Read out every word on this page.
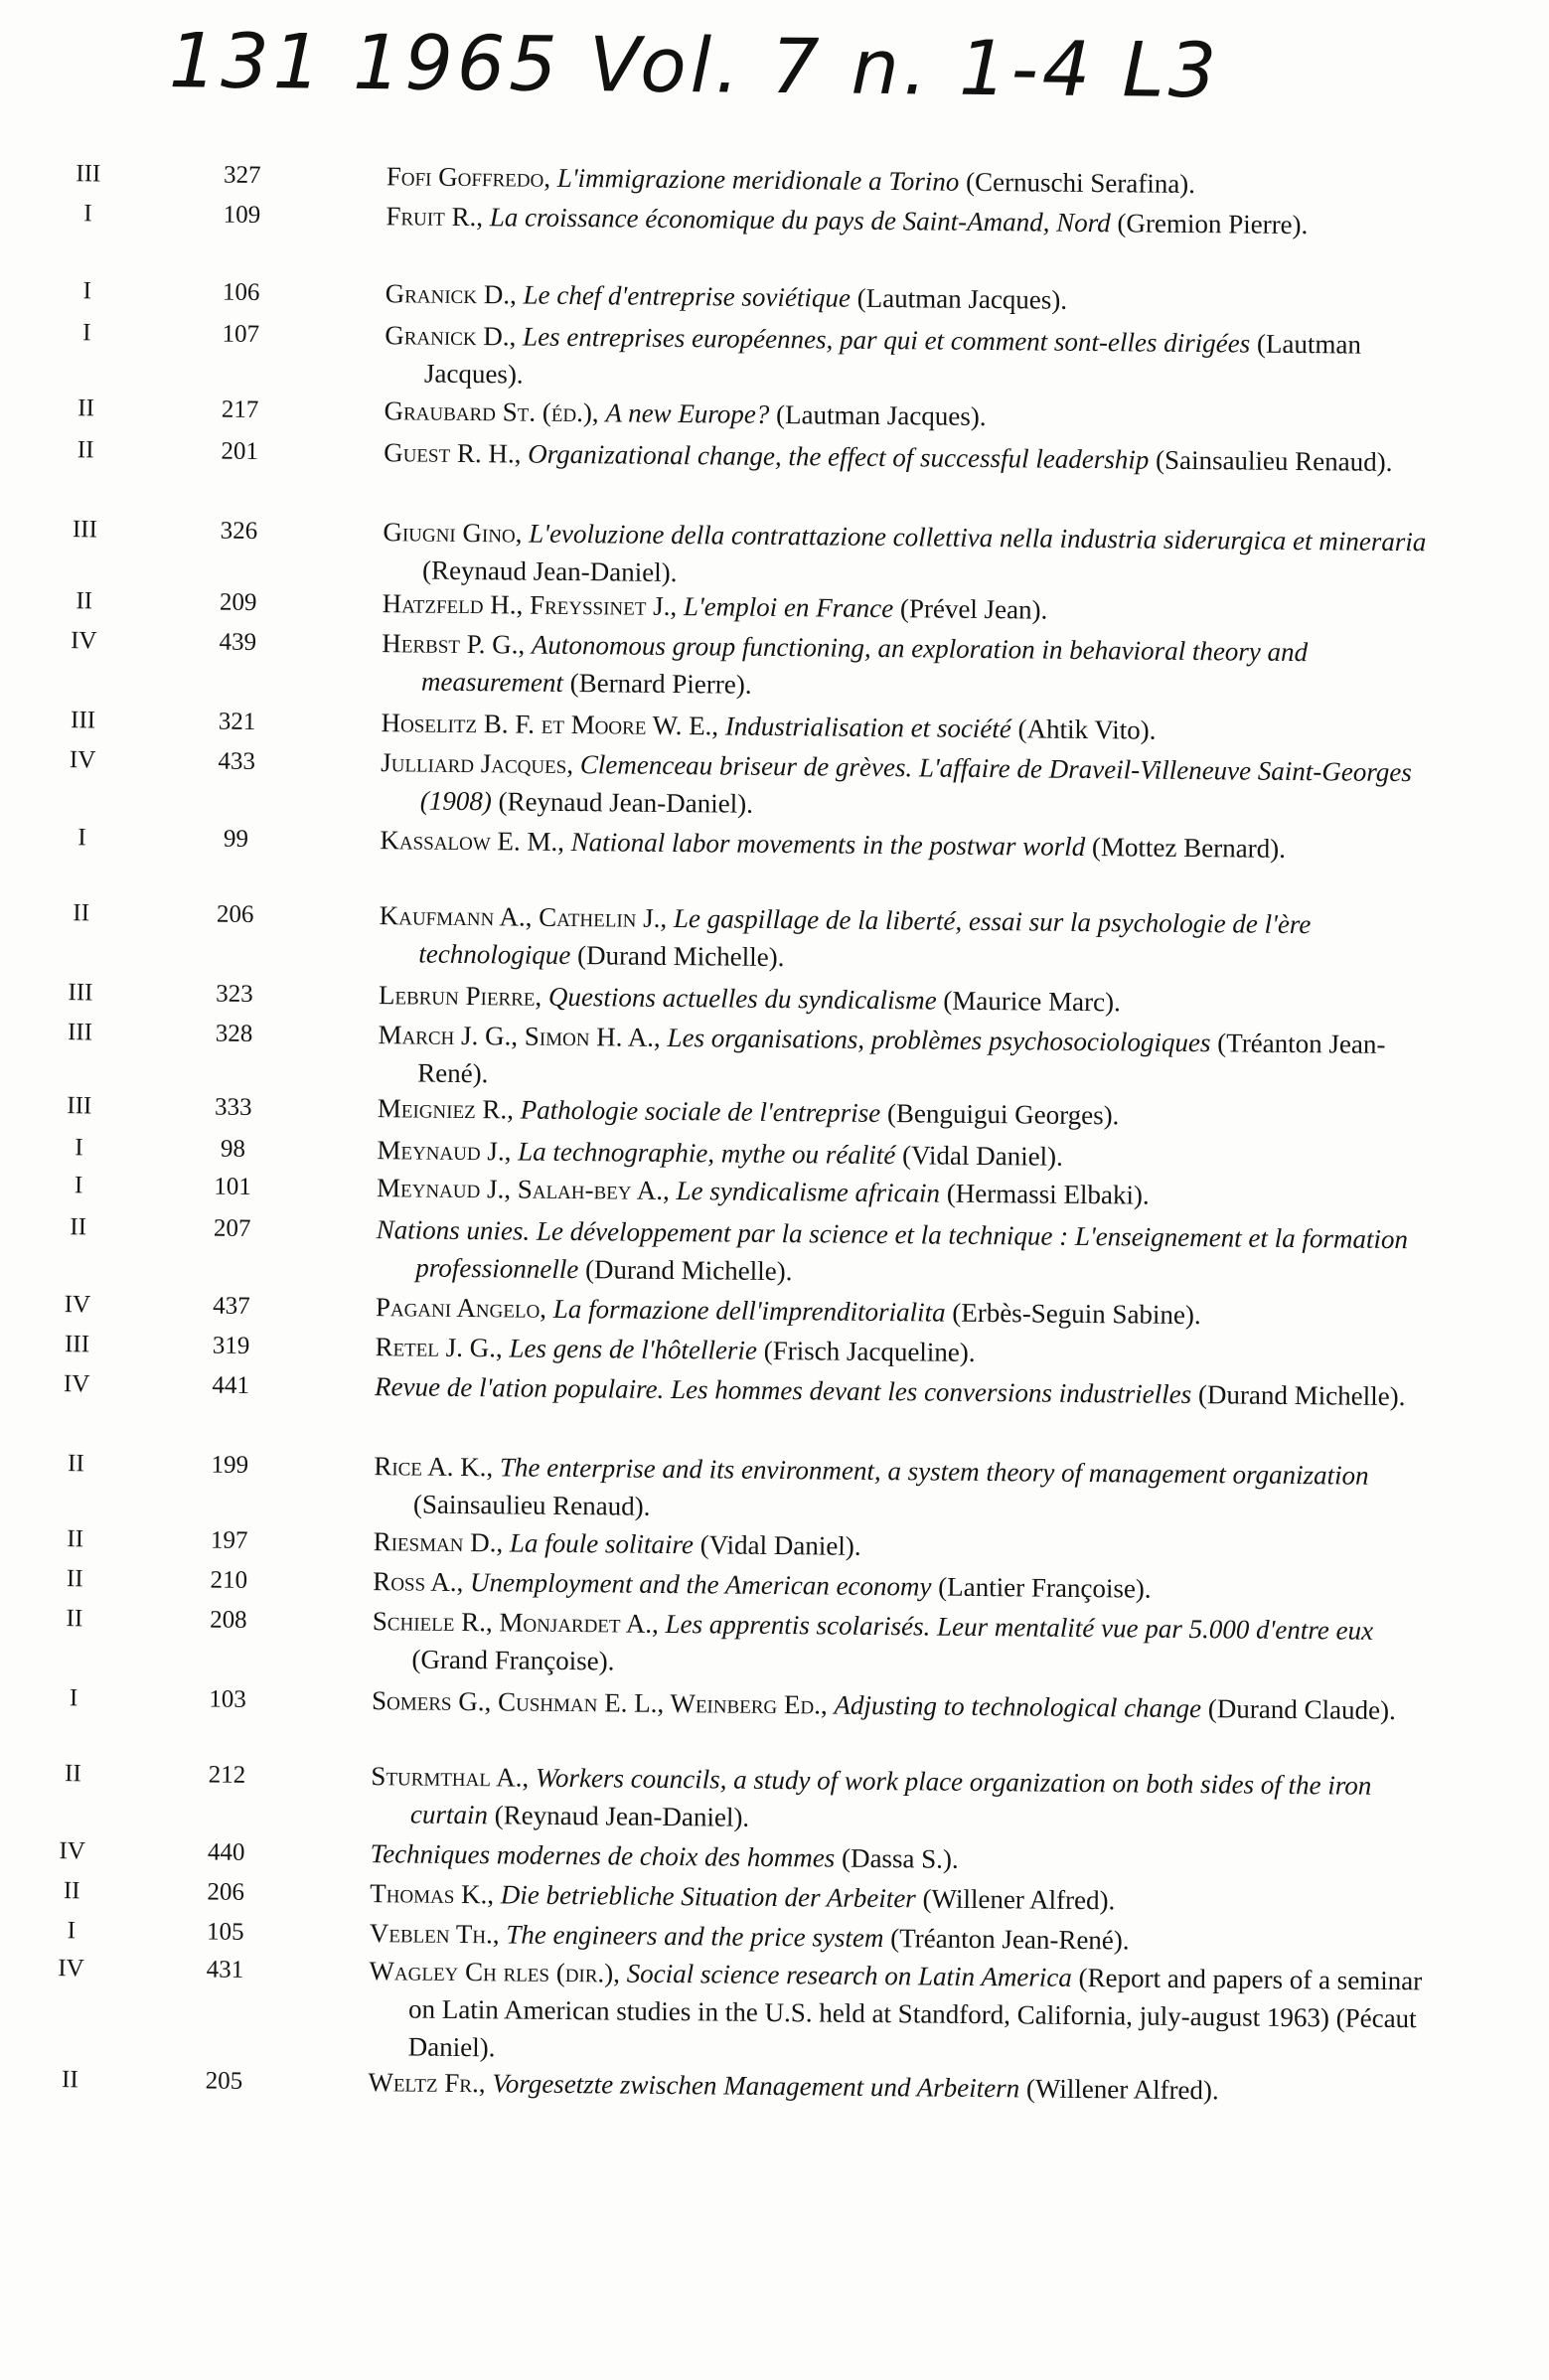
131 1965 Vol. 7 n. 1-4 L3
III	327	Fofi Goffredo, L'immigrazione meridionale a Torino (Cernuschi Serafina).
I	109	Fruit R., La croissance économique du pays de Saint-Amand, Nord (Gremion Pierre).
I	106	Granick D., Le chef d'entreprise soviétique (Lautman Jacques).
I	107	Granick D., Les entreprises européennes, par qui et comment sont-elles dirigées (Lautman Jacques).
II	217	Graubard St. (éd.), A new Europe? (Lautman Jacques).
II	201	Guest R. H., Organizational change, the effect of successful leadership (Sainsaulieu Renaud).
III	326	Giugni Gino, L'evoluzione della contrattazione collettiva nella industria siderurgica et mineraria (Reynaud Jean-Daniel).
II	209	Hatzfeld H., Freyssinet J., L'emploi en France (Prével Jean).
IV	439	Herbst P. G., Autonomous group functioning, an exploration in behavioral theory and measurement (Bernard Pierre).
III	321	Hoselitz B. F. et Moore W. E., Industrialisation et société (Ahtik Vito).
IV	433	Julliard Jacques, Clemenceau briseur de grèves. L'affaire de Draveil-Villeneuve Saint-Georges (1908) (Reynaud Jean-Daniel).
I	99	Kassalow E. M., National labor movements in the postwar world (Mottez Bernard).
II	206	Kaufmann A., Cathelin J., Le gaspillage de la liberté, essai sur la psychologie de l'ère technologique (Durand Michelle).
III	323	Lebrun Pierre, Questions actuelles du syndicalisme (Maurice Marc).
III	328	March J. G., Simon H. A., Les organisations, problèmes psychosociologiques (Tréanton Jean-René).
III	333	Meigniez R., Pathologie sociale de l'entreprise (Benguigui Georges).
I	98	Meynaud J., La technographie, mythe ou réalité (Vidal Daniel).
I	101	Meynaud J., Salah-bey A., Le syndicalisme africain (Hermassi Elbaki).
II	207	Nations unies. Le développement par la science et la technique : L'enseignement et la formation professionnelle (Durand Michelle).
IV	437	Pagani Angelo, La formazione dell'imprenditorialita (Erbès-Seguin Sabine).
III	319	Retel J. G., Les gens de l'hôtellerie (Frisch Jacqueline).
IV	441	Revue de l'ation populaire. Les hommes devant les conversions industrielles (Durand Michelle).
II	199	Rice A. K., The enterprise and its environment, a system theory of management organization (Sainsaulieu Renaud).
II	197	Riesman D., La foule solitaire (Vidal Daniel).
II	210	Ross A., Unemployment and the American economy (Lantier Françoise).
II	208	Schiele R., Monjardet A., Les apprentis scolarisés. Leur mentalité vue par 5.000 d'entre eux (Grand Françoise).
I	103	Somers G., Cushman E. L., Weinberg Ed., Adjusting to technological change (Durand Claude).
II	212	Sturmthal A., Workers councils, a study of work place organization on both sides of the iron curtain (Reynaud Jean-Daniel).
IV	440	Techniques modernes de choix des hommes (Dassa S.).
II	206	Thomas K., Die betriebliche Situation der Arbeiter (Willener Alfred).
I	105	Veblen Th., The engineers and the price system (Tréanton Jean-René).
IV	431	Wagley Ch rles (dir.), Social science research on Latin America (Report and papers of a seminar on Latin American studies in the U.S. held at Standford, California, july-august 1963) (Pécaut Daniel).
II	205	Weltz Fr., Vorgesetzte zwischen Management und Arbeitern (Willener Alfred).
